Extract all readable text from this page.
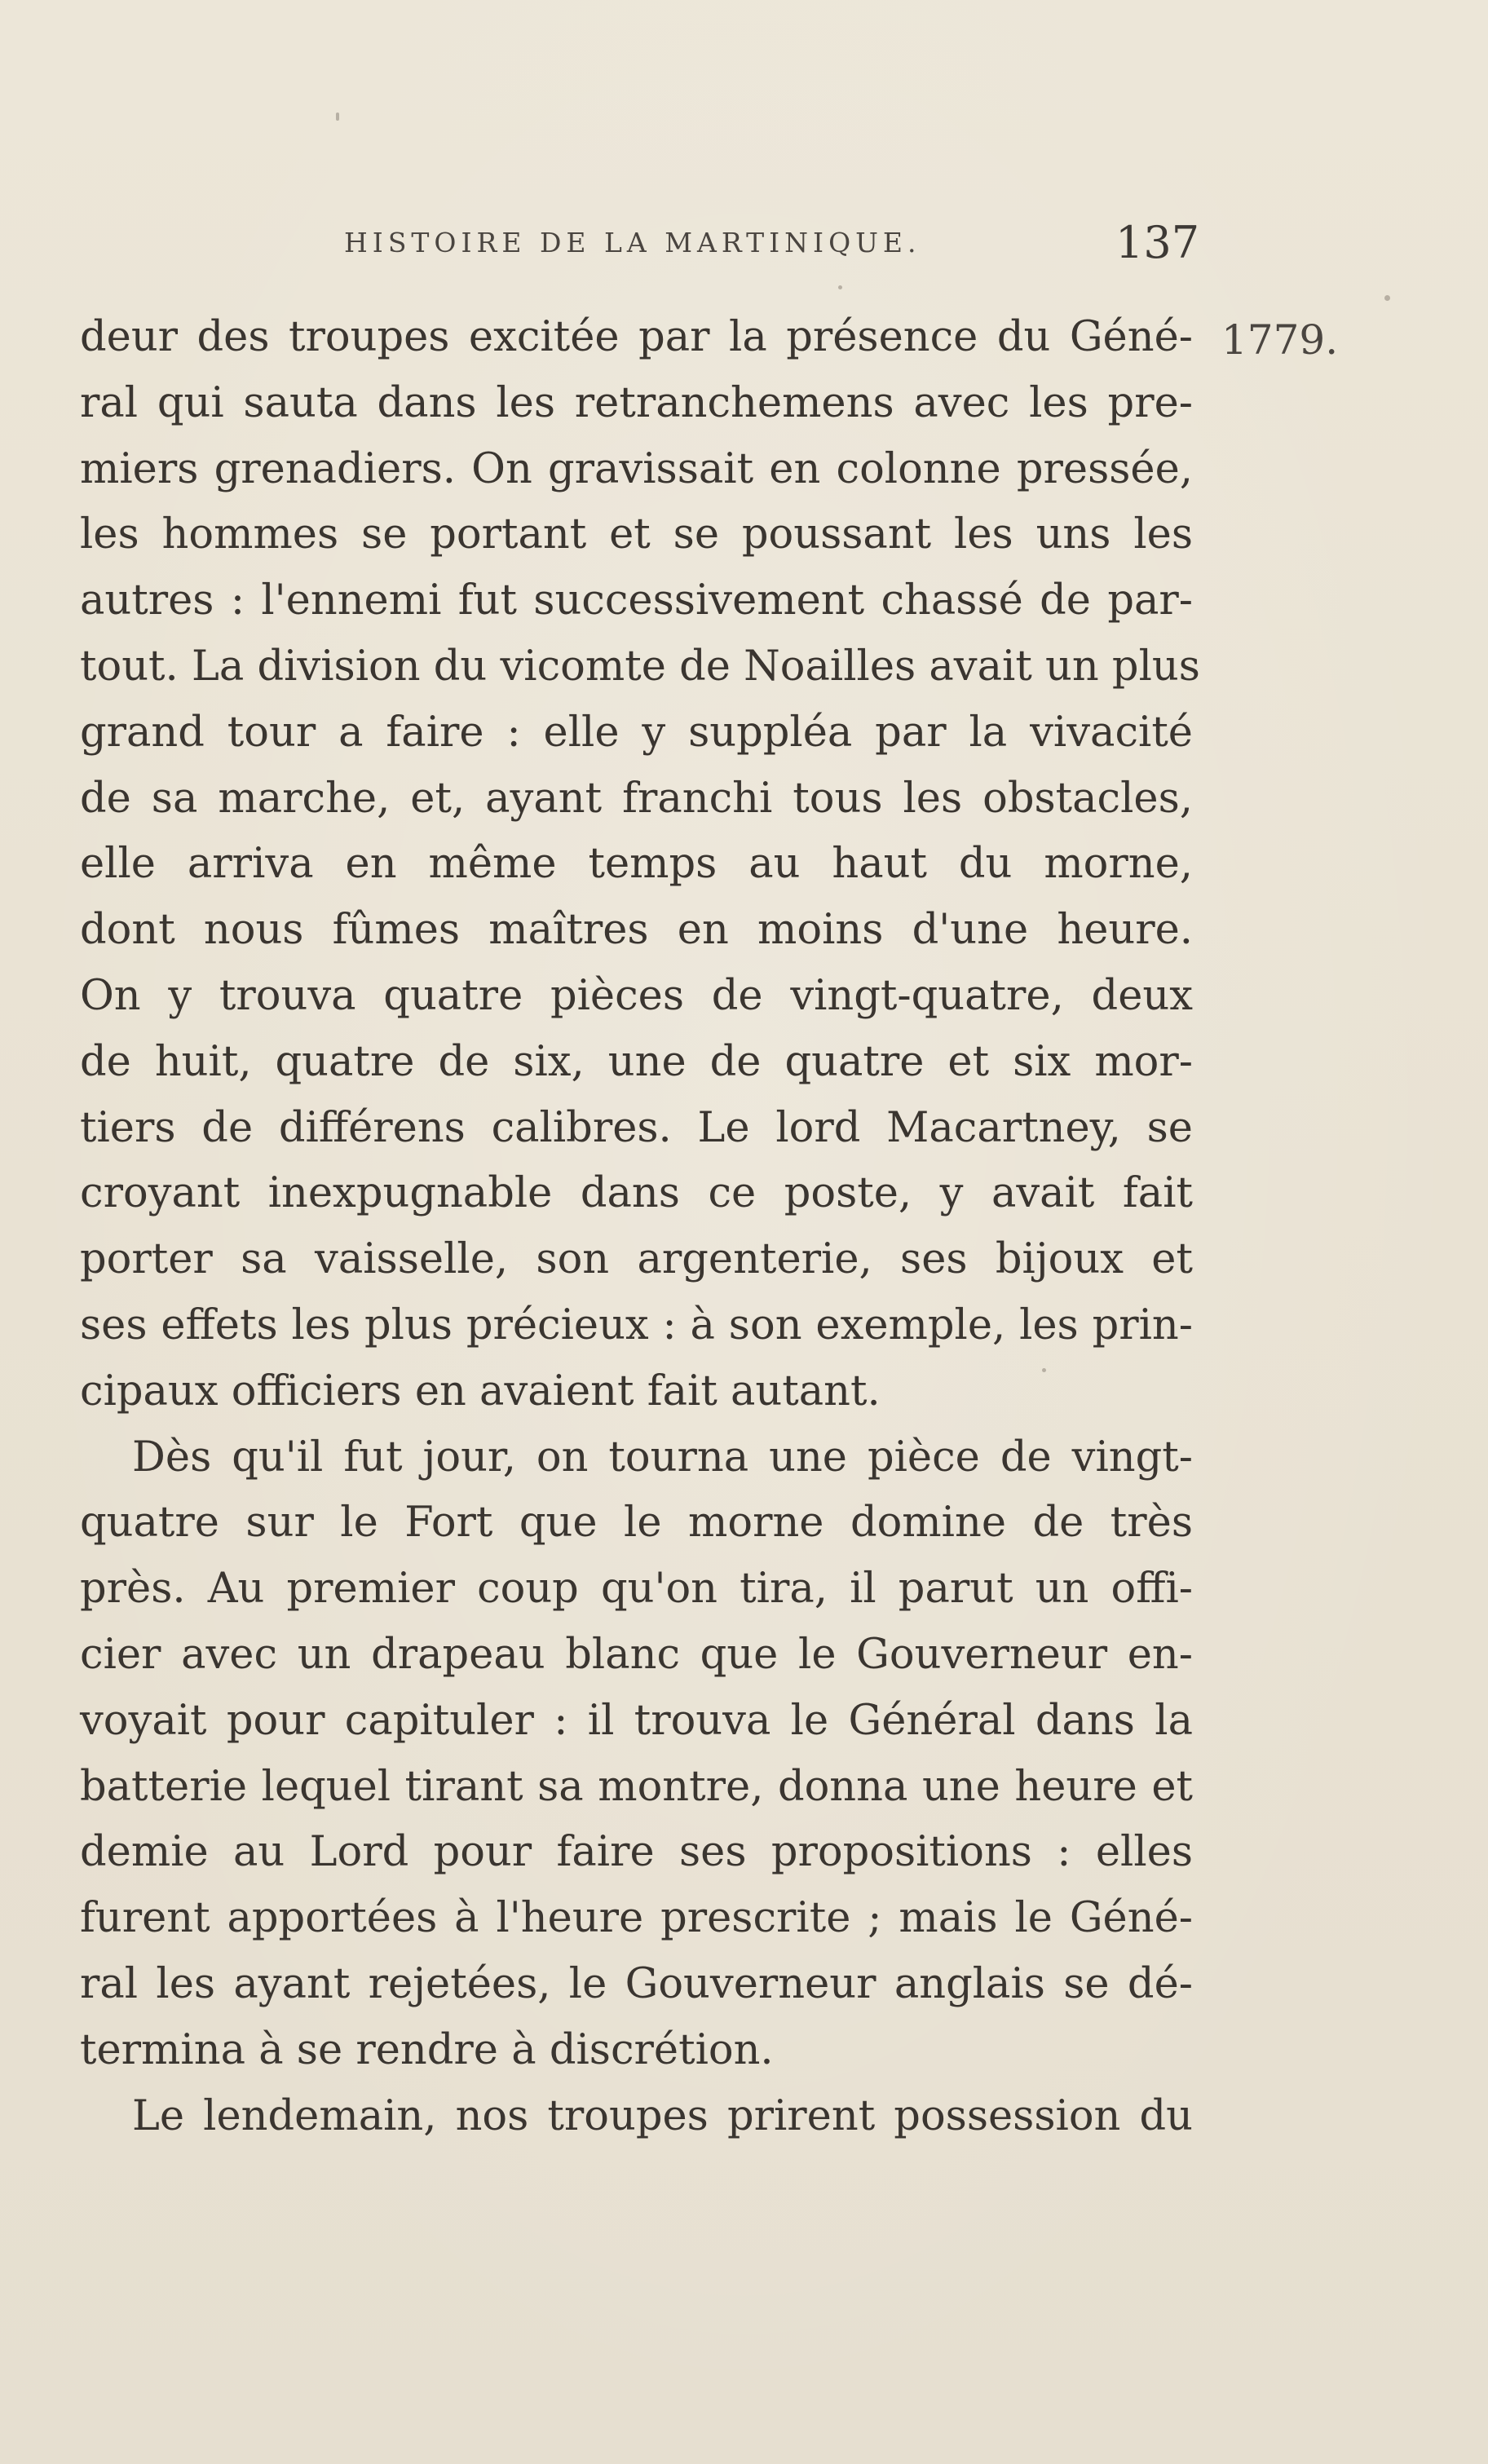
HISTOIRE DE LA MARTINIQUE.	137
1779.
deur des troupes excitée par la présence du Géné-
ral qui sauta dans les retranchemens avec les pre-
miers grenadiers. On gravissait en colonne pressée,
les hommes se portant et se poussant les uns les
autres : l'ennemi fut successivement chassé de par-
tout. La division du vicomte de Noailles avait un plus
grand tour a faire : elle y suppléa par la vivacité
de sa marche, et, ayant franchi tous les obstacles,
elle arriva en même temps au haut du morne,
dont nous fûmes maîtres en moins d'une heure.
On y trouva quatre pièces de vingt-quatre, deux
de huit, quatre de six, une de quatre et six mor-
tiers de différens calibres. Le lord Macartney, se
croyant inexpugnable dans ce poste, y avait fait
porter sa vaisselle, son argenterie, ses bijoux et
ses effets les plus précieux : à son exemple, les prin-
cipaux officiers en avaient fait autant.
Dès qu'il fut jour, on tourna une pièce de vingt-
quatre sur le Fort que le morne domine de très
près. Au premier coup qu'on tira, il parut un offi-
cier avec un drapeau blanc que le Gouverneur en-
voyait pour capituler : il trouva le Général dans la
batterie lequel tirant sa montre, donna une heure et
demie au Lord pour faire ses propositions : elles
furent apportées à l'heure prescrite ; mais le Géné-
ral les ayant rejetées, le Gouverneur anglais se dé-
termina à se rendre à discrétion.
Le lendemain, nos troupes prirent possession du
